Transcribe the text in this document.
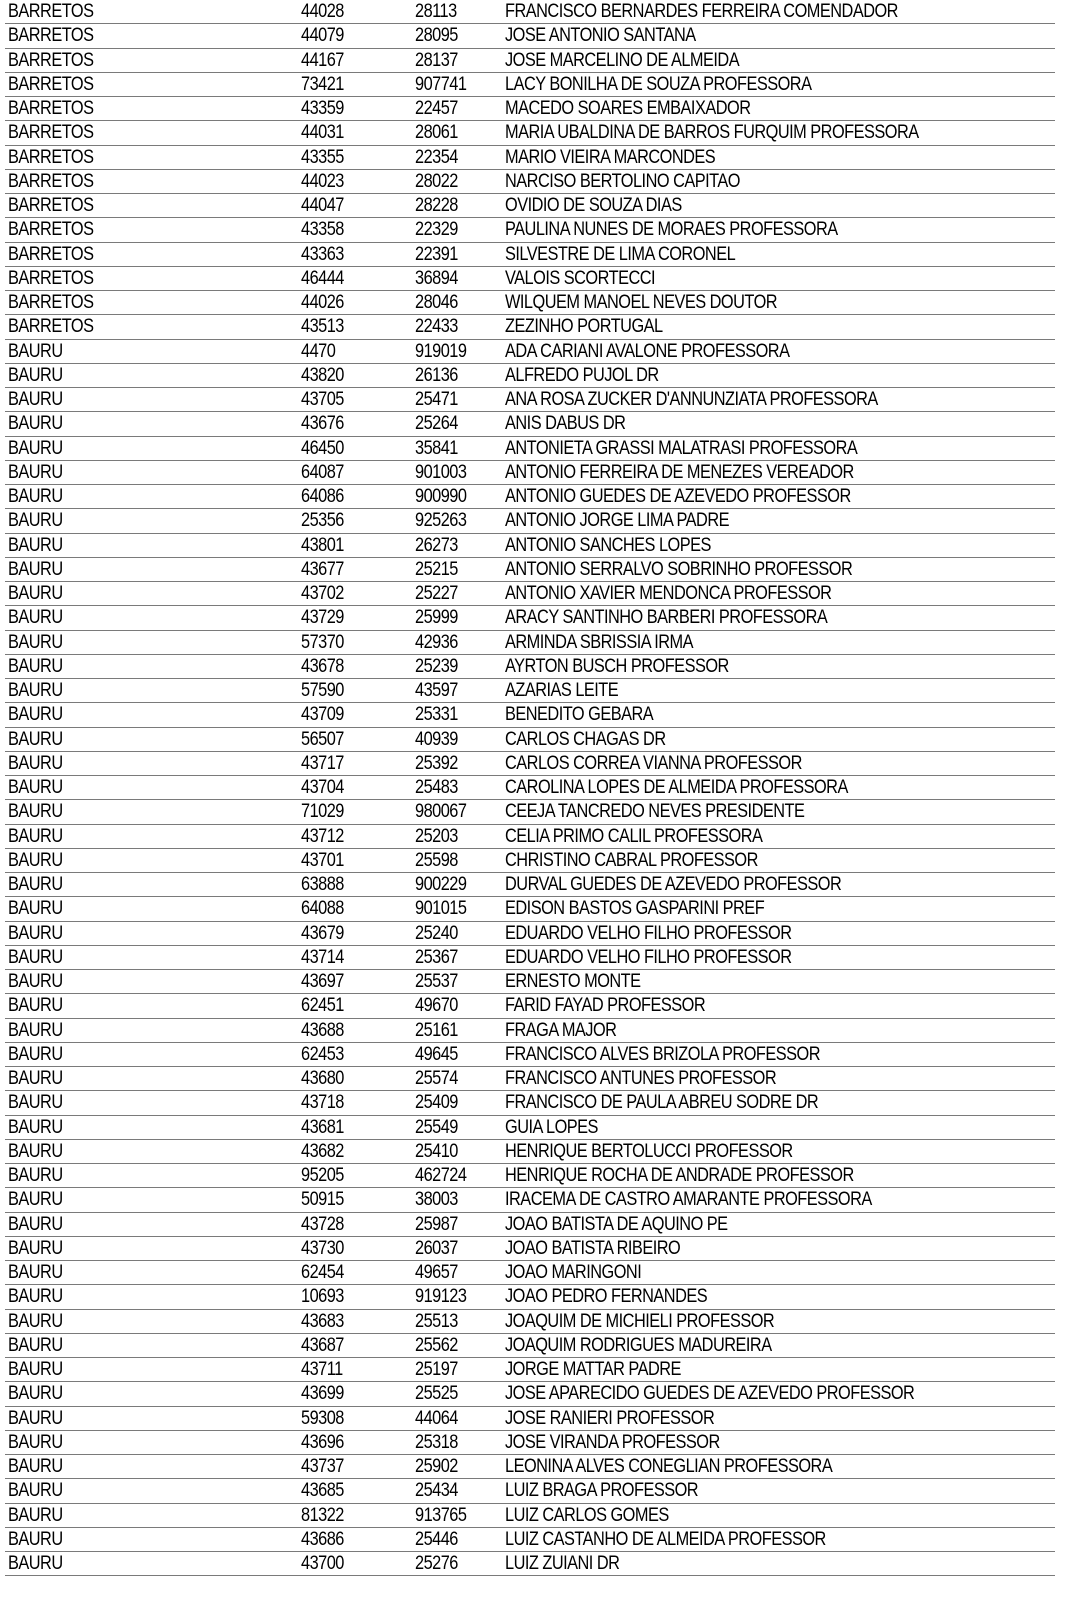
BARRETOS	44028	28113	FRANCISCO BERNARDES FERREIRA COMENDADOR
BARRETOS	44079	28095 JOSE ANTONIO SANTANA
BARRETOS	44167	28137 JOSE MARCELINO DE ALMEIDA
BARRETOS	73421	907741 LACY BONILHA DE SOUZA PROFESSORA
BARRETOS	43359	22457 MACEDO SOARES EMBAIXADOR
BARRETOS	44031	28061 MARIA UBALDINA DE BARROS FURQUIM PROFESSORA
BARRETOS	43355	22354 MARIO VIEIRA MARCONDES
BARRETOS	44023	28022 NARCISO BERTOLINO CAPITAO
BARRETOS	44047	28228 OVIDIO DE SOUZA DIAS
BARRETOS	43358	22329 PAULINA NUNES DE MORAES PROFESSORA
BARRETOS	43363	22391 SILVESTRE DE LIMA CORONEL
BARRETOS	46444	36894 VALOIS SCORTECCI
BARRETOS	44026	28046 WILQUEM MANOEL NEVES DOUTOR
BARRETOS	43513	22433 ZEZINHO PORTUGAL
BAURU	4470	919019 ADA CARIANI AVALONE PROFESSORA
BAURU	43820	26136 ALFREDO PUJOL DR
BAURU	43705	25471 ANA ROSA ZUCKER D'ANNUNZIATA PROFESSORA
BAURU	43676	25264 ANIS DABUS DR
BAURU	46450	35841 ANTONIETA GRASSI MALATRASI PROFESSORA
BAURU	64087	901003 ANTONIO FERREIRA DE MENEZES VEREADOR
BAURU	64086	900990 ANTONIO GUEDES DE AZEVEDO PROFESSOR
BAURU	25356	925263 ANTONIO JORGE LIMA PADRE
BAURU	43801	26273 ANTONIO SANCHES LOPES
BAURU	43677	25215 ANTONIO SERRALVO SOBRINHO PROFESSOR
BAURU	43702	25227 ANTONIO XAVIER MENDONCA PROFESSOR
BAURU	43729	25999 ARACY SANTINHO BARBERI PROFESSORA
BAURU	57370	42936 ARMINDA SBRISSIA IRMA
BAURU	43678	25239 AYRTON BUSCH PROFESSOR
BAURU	57590	43597 AZARIAS LEITE
BAURU	43709	25331 BENEDITO GEBARA
BAURU	56507	40939 CARLOS CHAGAS DR
BAURU	43717	25392 CARLOS CORREA VIANNA PROFESSOR
BAURU	43704	25483 CAROLINA LOPES DE ALMEIDA PROFESSORA
BAURU	71029	980067 CEEJA TANCREDO NEVES PRESIDENTE
BAURU	43712	25203 CELIA PRIMO CALIL PROFESSORA
BAURU	43701	25598 CHRISTINO CABRAL PROFESSOR
BAURU	63888	900229 DURVAL GUEDES DE AZEVEDO PROFESSOR
BAURU	64088	901015 EDISON BASTOS GASPARINI PREF
BAURU	43679	25240 EDUARDO VELHO FILHO PROFESSOR
BAURU	43714	25367 EDUARDO VELHO FILHO PROFESSOR
BAURU	43697	25537 ERNESTO MONTE
BAURU	62451	49670 FARID FAYAD PROFESSOR
BAURU	43688	25161 FRAGA MAJOR
BAURU	62453	49645 FRANCISCO ALVES BRIZOLA PROFESSOR
BAURU	43680	25574 FRANCISCO ANTUNES PROFESSOR
BAURU	43718	25409 FRANCISCO DE PAULA ABREU SODRE DR
BAURU	43681	25549 GUIA LOPES
BAURU	43682	25410 HENRIQUE BERTOLUCCI PROFESSOR
BAURU	95205	462724 HENRIQUE ROCHA DE ANDRADE PROFESSOR
BAURU	50915	38003 IRACEMA DE CASTRO AMARANTE PROFESSORA
BAURU	43728	25987 JOAO BATISTA DE AQUINO PE
BAURU	43730	26037 JOAO BATISTA RIBEIRO
BAURU	62454	49657 JOAO MARINGONI
BAURU	10693	919123 JOAO PEDRO FERNANDES
BAURU	43683	25513 JOAQUIM DE MICHIELI PROFESSOR
BAURU	43687	25562 JOAQUIM RODRIGUES MADUREIRA
BAURU	43711	25197 JORGE MATTAR PADRE
BAURU	43699	25525 JOSE APARECIDO GUEDES DE AZEVEDO PROFESSOR
BAURU	59308	44064 JOSE RANIERI PROFESSOR
BAURU	43696	25318 JOSE VIRANDA PROFESSOR
BAURU	43737	25902 LEONINA ALVES CONEGLIAN PROFESSORA
BAURU	43685	25434 LUIZ BRAGA PROFESSOR
BAURU	81322	913765 LUIZ CARLOS GOMES
BAURU	43686	25446 LUIZ CASTANHO DE ALMEIDA PROFESSOR
BAURU	43700	25276 LUIZ ZUIANI DR
